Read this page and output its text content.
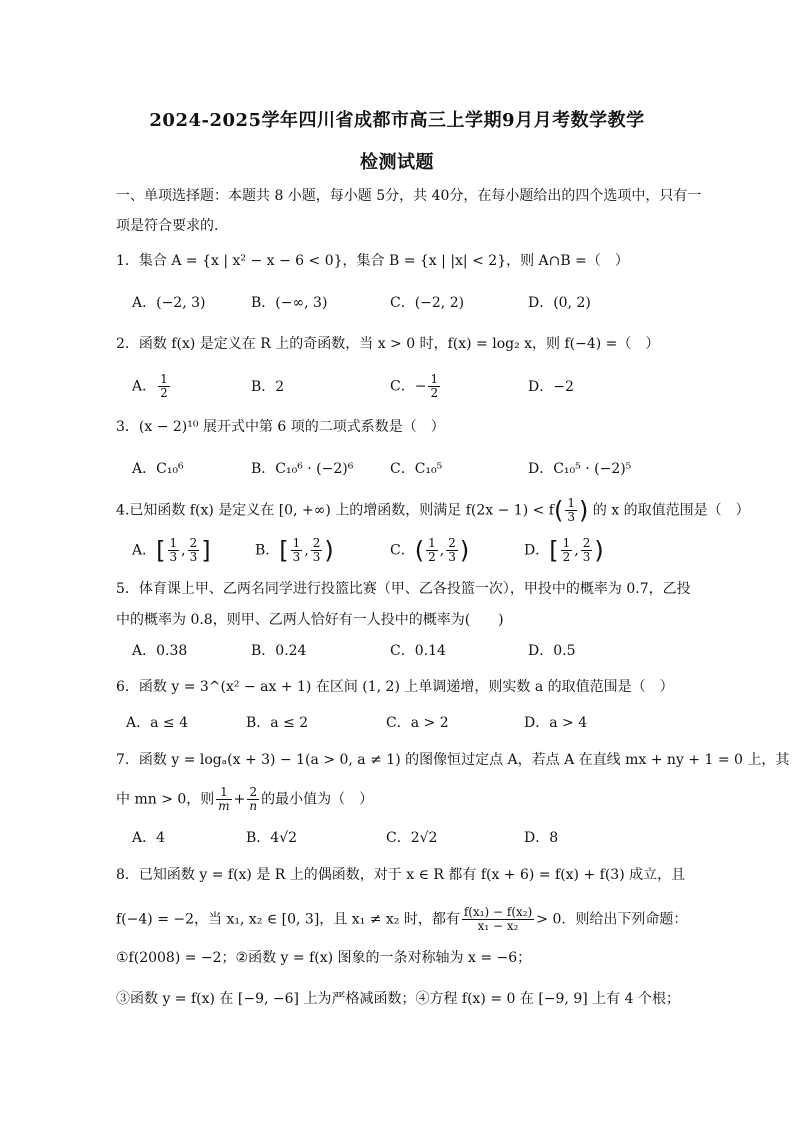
2024-2025学年四川省成都市高三上学期9月月考数学教学
检测试题
一、单项选择题：本题共 8 小题，每小题 5分，共 40分，在每小题给出的四个选项中，只有一
项是符合要求的.
1．集合 A = {x | x² − x − 6 < 0}，集合 B = {x | |x| < 2}，则 A∩B =（　）
A．(−2, 3)	B．(−∞, 3)	C．(−2, 2)	D．(0, 2)
2．函数 f(x) 是定义在 R 上的奇函数，当 x > 0 时，f(x) = log₂ x，则 f(−4) =（　）
A． $\frac{1}{2}$	B．2	C．− $\frac{1}{2}$	D．−2
3．(x − 2)¹⁰ 展开式中第 6 项的二项式系数是（　）
A．C₁₀⁶	B．C₁₀⁶ · (−2)⁶	C．C₁₀⁵	D．C₁₀⁵ · (−2)⁵
4.已知函数 f(x) 是定义在 [0, +∞) 上的增函数，则满足 $f(2x - 1) < f( \frac{1}{3}$ ) 的 x 的取值范围是（　）
A．[ $\frac{1}{3}$ , $\frac{2}{3}$ ]	B．[ $\frac{1}{3}$ , $\frac{2}{3}$ )	C．( $\frac{1}{2}$ , $\frac{2}{3}$ )	D．[ $\frac{1}{2}$ , $\frac{2}{3}$ )
5．体育课上甲、乙两名同学进行投篮比赛（甲、乙各投篮一次），甲投中的概率为 0.7，乙投
中的概率为 0.8，则甲、乙两人恰好有一人投中的概率为(　　)
A．0.38	B．0.24	C．0.14	D．0.5
6．函数 y = 3^(x² − ax + 1) 在区间 (1, 2) 上单调递增，则实数 a 的取值范围是（　）
A．a ≤ 4	B．a ≤ 2	C．a > 2	D．a > 4
7．函数 y = logₐ(x + 3) − 1(a > 0, a ≠ 1) 的图像恒过定点 A，若点 A 在直线 mx + ny + 1 = 0 上，其
中 mn > 0，则 $\frac{1}{m} + \frac{2}{n}$ 的最小值为（　）
A．4	B．4√2	C．2√2	D．8
8．已知函数 y = f(x) 是 R 上的偶函数，对于 x ∈ R 都有 f(x + 6) = f(x) + f(3) 成立，且
f(−4) = −2，当 x₁, x₂ ∈ [0, 3]，且 x₁ ≠ x₂ 时，都有 $\frac{\text{f(x₁) − f(x₂)}}{\text{x₁ − x₂}} > 0$．则给出下列命题：
①f(2008) = −2；②函数 y = f(x) 图象的一条对称轴为 x = −6；
③函数 y = f(x) 在 [−9, −6] 上为严格减函数；④方程 f(x) = 0 在 [−9, 9] 上有 4 个根；
